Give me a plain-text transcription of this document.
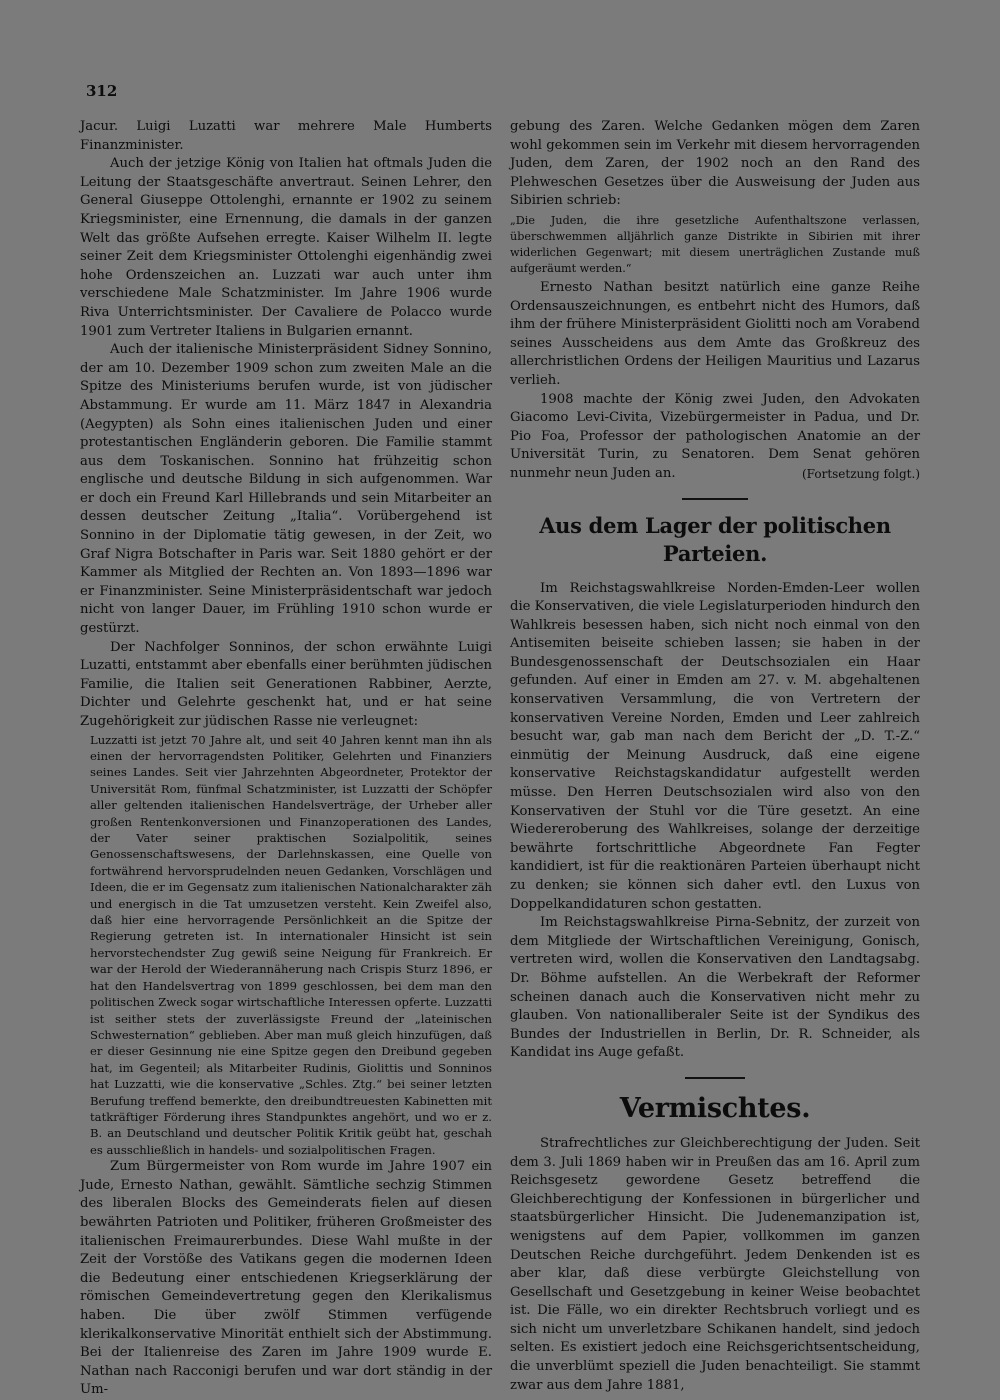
312

Jacur. Luigi Luzatti war mehrere Male Humberts Finanzminister.

Auch der jetzige König von Italien hat oftmals Juden die Leitung der Staatsgeschäfte anvertraut. Seinen Lehrer, den General Giuseppe Ottolenghi, ernannte er 1902 zu seinem Kriegsminister, eine Ernennung, die damals in der ganzen Welt das größte Aufsehen erregte. Kaiser Wilhelm II. legte seiner Zeit dem Kriegsminister Ottolenghi eigenhändig zwei hohe Ordenszeichen an. Luzzati war auch unter ihm verschiedene Male Schatzminister. Im Jahre 1906 wurde Riva Unterrichtsminister. Der Cavaliere de Polacco wurde 1901 zum Vertreter Italiens in Bulgarien ernannt.

Auch der italienische Ministerpräsident Sidney Sonnino, der am 10. Dezember 1909 schon zum zweiten Male an die Spitze des Ministeriums berufen wurde, ist von jüdischer Abstammung. Er wurde am 11. März 1847 in Alexandria (Aegypten) als Sohn eines italienischen Juden und einer protestantischen Engländerin geboren. Die Familie stammt aus dem Toskanischen. Sonnino hat frühzeitig schon englische und deutsche Bildung in sich aufgenommen. War er doch ein Freund Karl Hillebrands und sein Mitarbeiter an dessen deutscher Zeitung „Italia“. Vorübergehend ist Sonnino in der Diplomatie tätig gewesen, in der Zeit, wo Graf Nigra Botschafter in Paris war. Seit 1880 gehört er der Kammer als Mitglied der Rechten an. Von 1893—1896 war er Finanzminister. Seine Ministerpräsidentschaft war jedoch nicht von langer Dauer, im Frühling 1910 schon wurde er gestürzt.

Der Nachfolger Sonninos, der schon erwähnte Luigi Luzatti, entstammt aber ebenfalls einer berühmten jüdischen Familie, die Italien seit Generationen Rabbiner, Aerzte, Dichter und Gelehrte geschenkt hat, und er hat seine Zugehörigkeit zur jüdischen Rasse nie verleugnet:

Luzzatti ist jetzt 70 Jahre alt, und seit 40 Jahren kennt man ihn als einen der hervorragendsten Politiker, Gelehrten und Finanziers seines Landes. Seit vier Jahrzehnten Abgeordneter, Protektor der Universität Rom, fünfmal Schatzminister, ist Luzzatti der Schöpfer aller geltenden italienischen Handelsverträge, der Urheber aller großen Rentenkonversionen und Finanzoperationen des Landes, der Vater seiner praktischen Sozialpolitik, seines Genossenschaftswesens, der Darlehnskassen, eine Quelle von fortwährend hervorsprudelnden neuen Gedanken, Vorschlägen und Ideen, die er im Gegensatz zum italienischen Nationalcharakter zäh und energisch in die Tat umzusetzen versteht. Kein Zweifel also, daß hier eine hervorragende Persönlichkeit an die Spitze der Regierung getreten ist. In internationaler Hinsicht ist sein hervorstechendster Zug gewiß seine Neigung für Frankreich. Er war der Herold der Wiederannäherung nach Crispis Sturz 1896, er hat den Handelsvertrag von 1899 geschlossen, bei dem man den politischen Zweck sogar wirtschaftliche Interessen opferte. Luzzatti ist seither stets der zuverlässigste Freund der „lateinischen Schwesternation“ geblieben. Aber man muß gleich hinzufügen, daß er dieser Gesinnung nie eine Spitze gegen den Dreibund gegeben hat, im Gegenteil; als Mitarbeiter Rudinis, Giolittis und Sonninos hat Luzzatti, wie die konservative „Schles. Ztg.“ bei seiner letzten Berufung treffend bemerkte, den dreibundtreuesten Kabinetten mit tatkräftiger Förderung ihres Standpunktes angehört, und wo er z. B. an Deutschland und deutscher Politik Kritik geübt hat, geschah es ausschließlich in handels- und sozialpolitischen Fragen.

Zum Bürgermeister von Rom wurde im Jahre 1907 ein Jude, Ernesto Nathan, gewählt. Sämtliche sechzig Stimmen des liberalen Blocks des Gemeinderats fielen auf diesen bewährten Patrioten und Politiker, früheren Großmeister des italienischen Freimaurerbundes. Diese Wahl mußte in der Zeit der Vorstöße des Vatikans gegen die modernen Ideen die Bedeutung einer entschiedenen Kriegserklärung der römischen Gemeindevertretung gegen den Klerikalismus haben. Die über zwölf Stimmen verfügende klerikalkonservative Minorität enthielt sich der Abstimmung. Bei der Italienreise des Zaren im Jahre 1909 wurde E. Nathan nach Racconigi berufen und war dort ständig in der Um-

gebung des Zaren. Welche Gedanken mögen dem Zaren wohl gekommen sein im Verkehr mit diesem hervorragenden Juden, dem Zaren, der 1902 noch an den Rand des Plehweschen Gesetzes über die Ausweisung der Juden aus Sibirien schrieb:

„Die Juden, die ihre gesetzliche Aufenthaltszone verlassen, überschwemmen alljährlich ganze Distrikte in Sibirien mit ihrer widerlichen Gegenwart; mit diesem unerträglichen Zustande muß aufgeräumt werden.“

Ernesto Nathan besitzt natürlich eine ganze Reihe Ordensauszeichnungen, es entbehrt nicht des Humors, daß ihm der frühere Ministerpräsident Giolitti noch am Vorabend seines Ausscheidens aus dem Amte das Großkreuz des allerchristlichen Ordens der Heiligen Mauritius und Lazarus verlieh.

1908 machte der König zwei Juden, den Advokaten Giacomo Levi-Civita, Vizebürgermeister in Padua, und Dr. Pio Foa, Professor der pathologischen Anatomie an der Universität Turin, zu Senatoren. Dem Senat gehören nunmehr neun Juden an.	(Fortsetzung folgt.)

Aus dem Lager der politischen Parteien.

Im Reichstagswahlkreise Norden-Emden-Leer wollen die Konservativen, die viele Legislaturperioden hindurch den Wahlkreis besessen haben, sich nicht noch einmal von den Antisemiten beiseite schieben lassen; sie haben in der Bundesgenossenschaft der Deutschsozialen ein Haar gefunden. Auf einer in Emden am 27. v. M. abgehaltenen konservativen Versammlung, die von Vertretern der konservativen Vereine Norden, Emden und Leer zahlreich besucht war, gab man nach dem Bericht der „D. T.-Z.“ einmütig der Meinung Ausdruck, daß eine eigene konservative Reichstagskandidatur aufgestellt werden müsse. Den Herren Deutschsozialen wird also von den Konservativen der Stuhl vor die Türe gesetzt. An eine Wiedereroberung des Wahlkreises, solange der derzeitige bewährte fortschrittliche Abgeordnete Fan Fegter kandidiert, ist für die reaktionären Parteien überhaupt nicht zu denken; sie können sich daher evtl. den Luxus von Doppelkandidaturen schon gestatten.

Im Reichstagswahlkreise Pirna-Sebnitz, der zurzeit von dem Mitgliede der Wirtschaftlichen Vereinigung, Gonisch, vertreten wird, wollen die Konservativen den Landtagsabg. Dr. Böhme aufstellen. An die Werbekraft der Reformer scheinen danach auch die Konservativen nicht mehr zu glauben. Von nationalliberaler Seite ist der Syndikus des Bundes der Industriellen in Berlin, Dr. R. Schneider, als Kandidat ins Auge gefaßt.

Vermischtes.

Strafrechtliches zur Gleichberechtigung der Juden. Seit dem 3. Juli 1869 haben wir in Preußen das am 16. April zum Reichsgesetz gewordene Gesetz betreffend die Gleichberechtigung der Konfessionen in bürgerlicher und staatsbürgerlicher Hinsicht. Die Judenemanzipation ist, wenigstens auf dem Papier, vollkommen im ganzen Deutschen Reiche durchgeführt. Jedem Denkenden ist es aber klar, daß diese verbürgte Gleichstellung von Gesellschaft und Gesetzgebung in keiner Weise beobachtet ist. Die Fälle, wo ein direkter Rechtsbruch vorliegt und es sich nicht um unverletzbare Schikanen handelt, sind jedoch selten. Es existiert jedoch eine Reichsgerichtsentscheidung, die unverblümt speziell die Juden benachteiligt. Sie stammt zwar aus dem Jahre 1881,
